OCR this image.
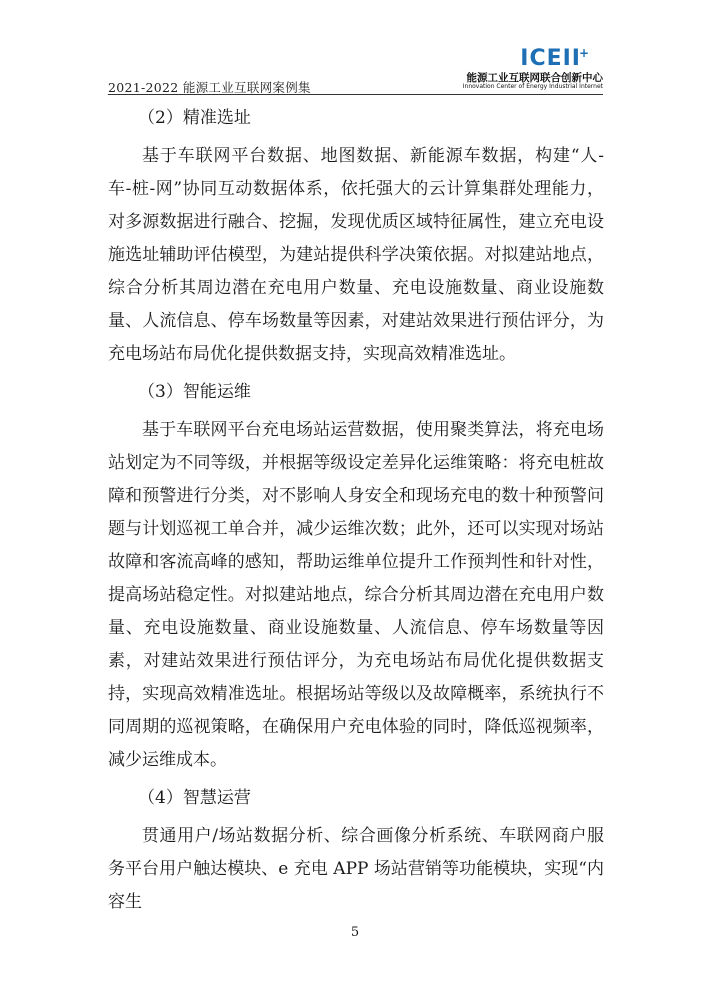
2021-2022 能源工业互联网案例集
ICEII
+
能源工业互联网联合创新中心
Innovation Center of Energy Industrial Internet

（2）精准选址

基于车联网平台数据、地图数据、新能源车数据，构建“人-车-桩-网”协同互动数据体系，依托强大的云计算集群处理能力，对多源数据进行融合、挖掘，发现优质区域特征属性，建立充电设施选址辅助评估模型，为建站提供科学决策依据。对拟建站地点，综合分析其周边潜在充电用户数量、充电设施数量、商业设施数量、人流信息、停车场数量等因素，对建站效果进行预估评分，为充电场站布局优化提供数据支持，实现高效精准选址。

（3）智能运维

基于车联网平台充电场站运营数据，使用聚类算法，将充电场站划定为不同等级，并根据等级设定差异化运维策略：将充电桩故障和预警进行分类，对不影响人身安全和现场充电的数十种预警问题与计划巡视工单合并，减少运维次数；此外，还可以实现对场站故障和客流高峰的感知，帮助运维单位提升工作预判性和针对性，提高场站稳定性。对拟建站地点，综合分析其周边潜在充电用户数量、充电设施数量、商业设施数量、人流信息、停车场数量等因素，对建站效果进行预估评分，为充电场站布局优化提供数据支持，实现高效精准选址。根据场站等级以及故障概率，系统执行不同周期的巡视策略，在确保用户充电体验的同时，降低巡视频率，减少运维成本。

（4）智慧运营

贯通用户/场站数据分析、综合画像分析系统、车联网商户服务平台用户触达模块、e 充电 APP 场站营销等功能模块，实现“内容生

5
